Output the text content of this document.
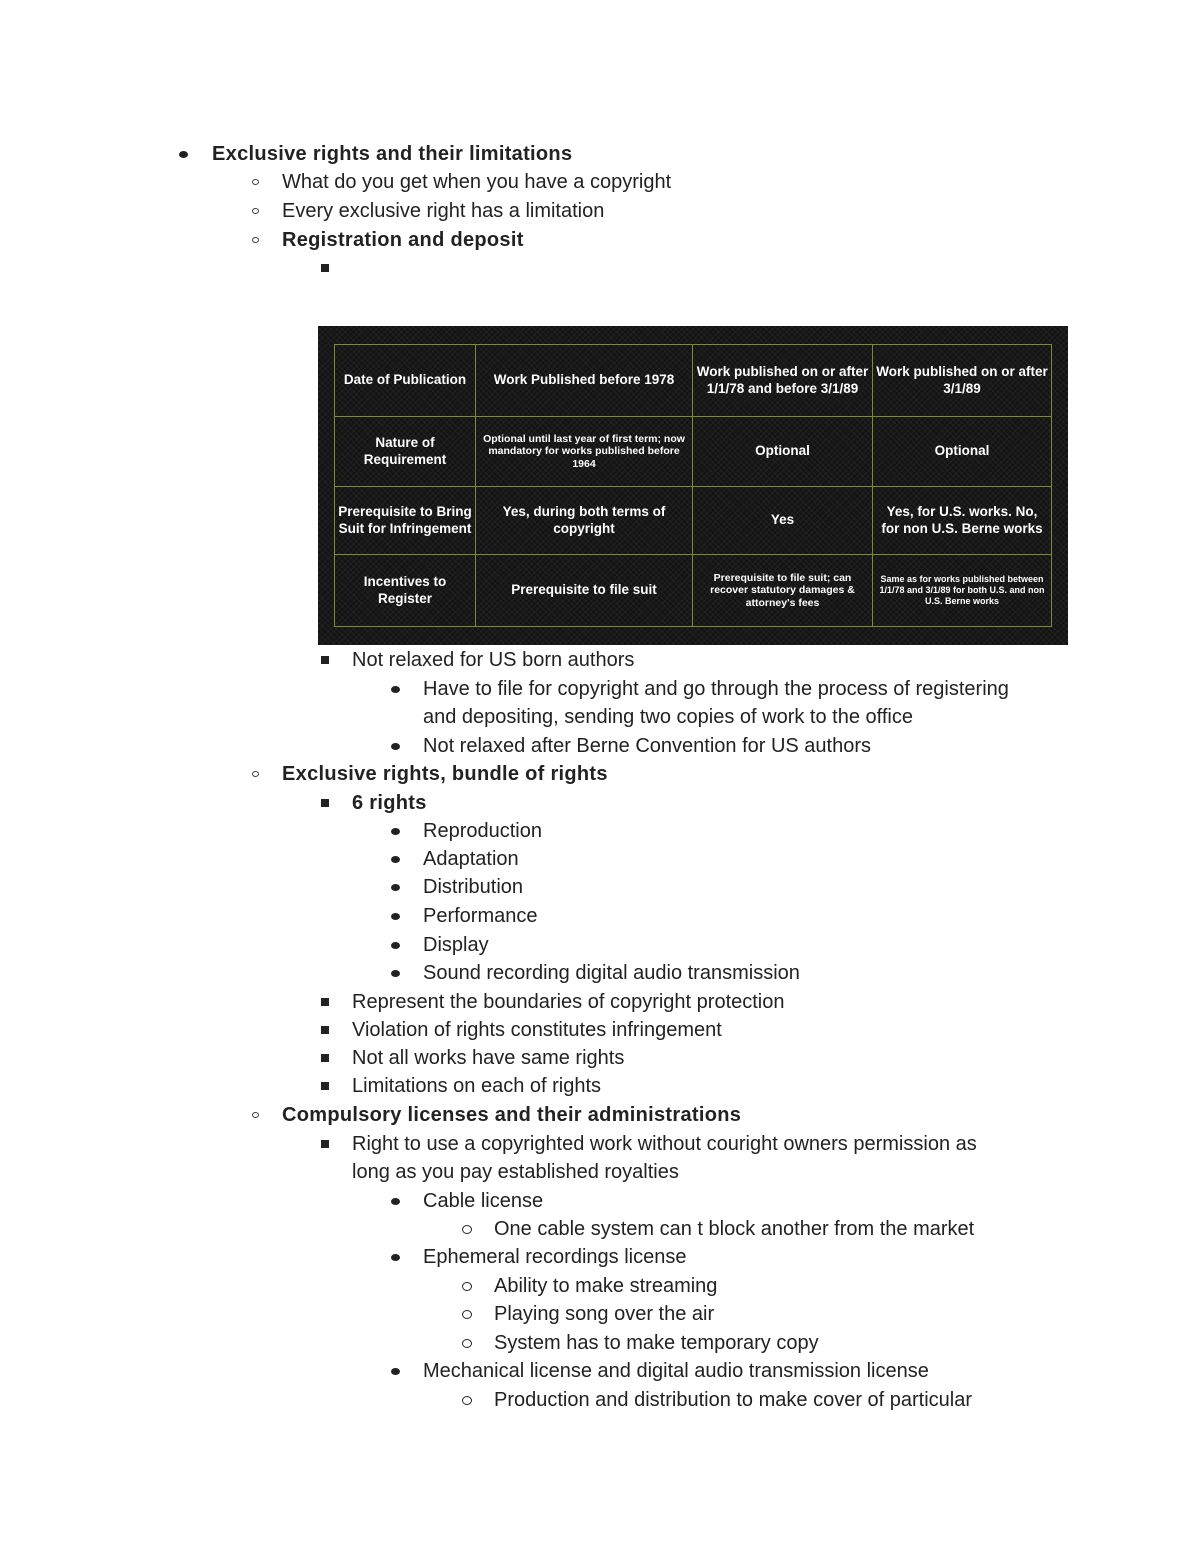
Exclusive rights and their limitations
What do you get when you have a copyright
Every exclusive right has a limitation
Registration and deposit
Date of Publication	Work Published before 1978	Work published on or after 1/1/78 and before 3/1/89	Work published on or after 3/1/89
Nature of Requirement	Optional until last year of first term; now mandatory for works published before 1964	Optional	Optional
Prerequisite to Bring Suit for Infringement	Yes, during both terms of copyright	Yes	Yes, for U.S. works. No, for non U.S. Berne works
Incentives to Register	Prerequisite to file suit	Prerequisite to file suit; can recover statutory damages & attorney's fees	Same as for works published between 1/1/78 and 3/1/89 for both U.S. and non U.S. Berne works
Not relaxed for US born authors
Have to file for copyright and go through the process of registering
and depositing, sending two copies of work to the office
Not relaxed after Berne Convention for US authors
Exclusive rights, bundle of rights
6 rights
Reproduction
Adaptation
Distribution
Performance
Display
Sound recording digital audio transmission
Represent the boundaries of copyright protection
Violation of rights constitutes infringement
Not all works have same rights
Limitations on each of rights
Compulsory licenses and their administrations
Right to use a copyrighted work without couright owners permission as
long as you pay established royalties
Cable license
One cable system can t block another from the market
Ephemeral recordings license
Ability to make streaming
Playing song over the air
System has to make temporary copy
Mechanical license and digital audio transmission license
Production and distribution to make cover of particular
